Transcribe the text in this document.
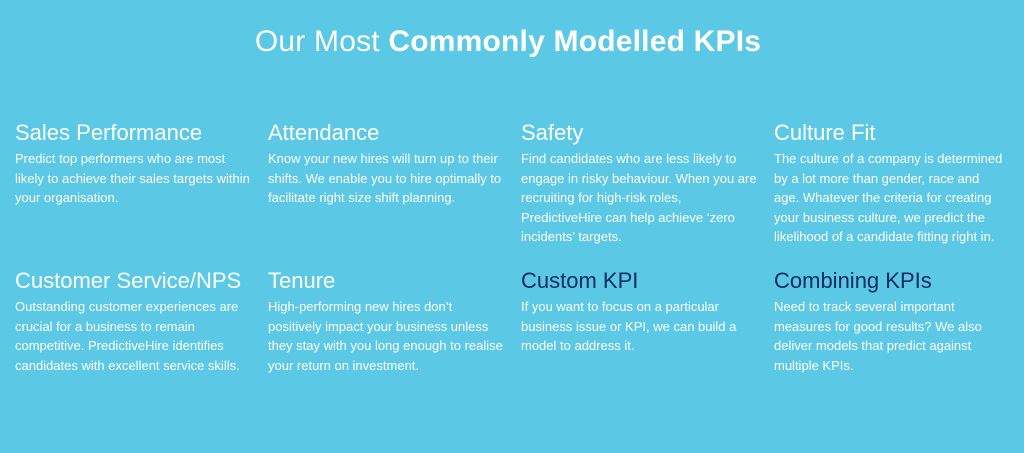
Our Most Commonly Modelled KPIs
Sales Performance

Predict top performers who are most likely to achieve their sales targets within your organisation.

Attendance

Know your new hires will turn up to their shifts. We enable you to hire optimally to facilitate right size shift planning.

Safety

Find candidates who are less likely to engage in risky behaviour. When you are recruiting for high-risk roles, PredictiveHire can help achieve ‘zero incidents’ targets.

Culture Fit

The culture of a company is determined by a lot more than gender, race and age. Whatever the criteria for creating your business culture, we predict the likelihood of a candidate fitting right in.

Customer Service/NPS

Outstanding customer experiences are crucial for a business to remain competitive. PredictiveHire identifies candidates with excellent service skills.

Tenure

High-performing new hires don’t positively impact your business unless they stay with you long enough to realise your return on investment.

Custom KPI

If you want to focus on a particular business issue or KPI, we can build a model to address it.

Combining KPIs

Need to track several important measures for good results? We also deliver models that predict against multiple KPIs.
